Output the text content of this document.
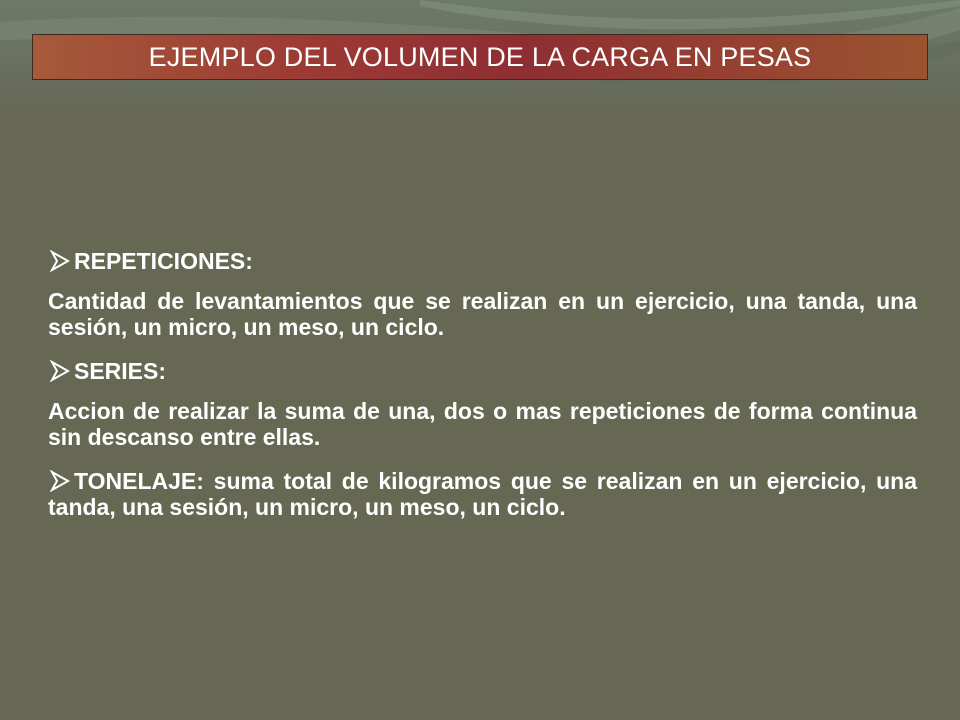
EJEMPLO DEL VOLUMEN DE LA CARGA EN PESAS

REPETICIONES:

Cantidad de levantamientos que se realizan en un ejercicio, una tanda, una sesión, un micro, un meso, un ciclo.

SERIES:

Accion de realizar la suma de una, dos o mas repeticiones de forma continua sin descanso entre ellas.

TONELAJE: suma total de kilogramos que se realizan en un ejercicio, una tanda, una sesión, un micro, un meso, un ciclo.
